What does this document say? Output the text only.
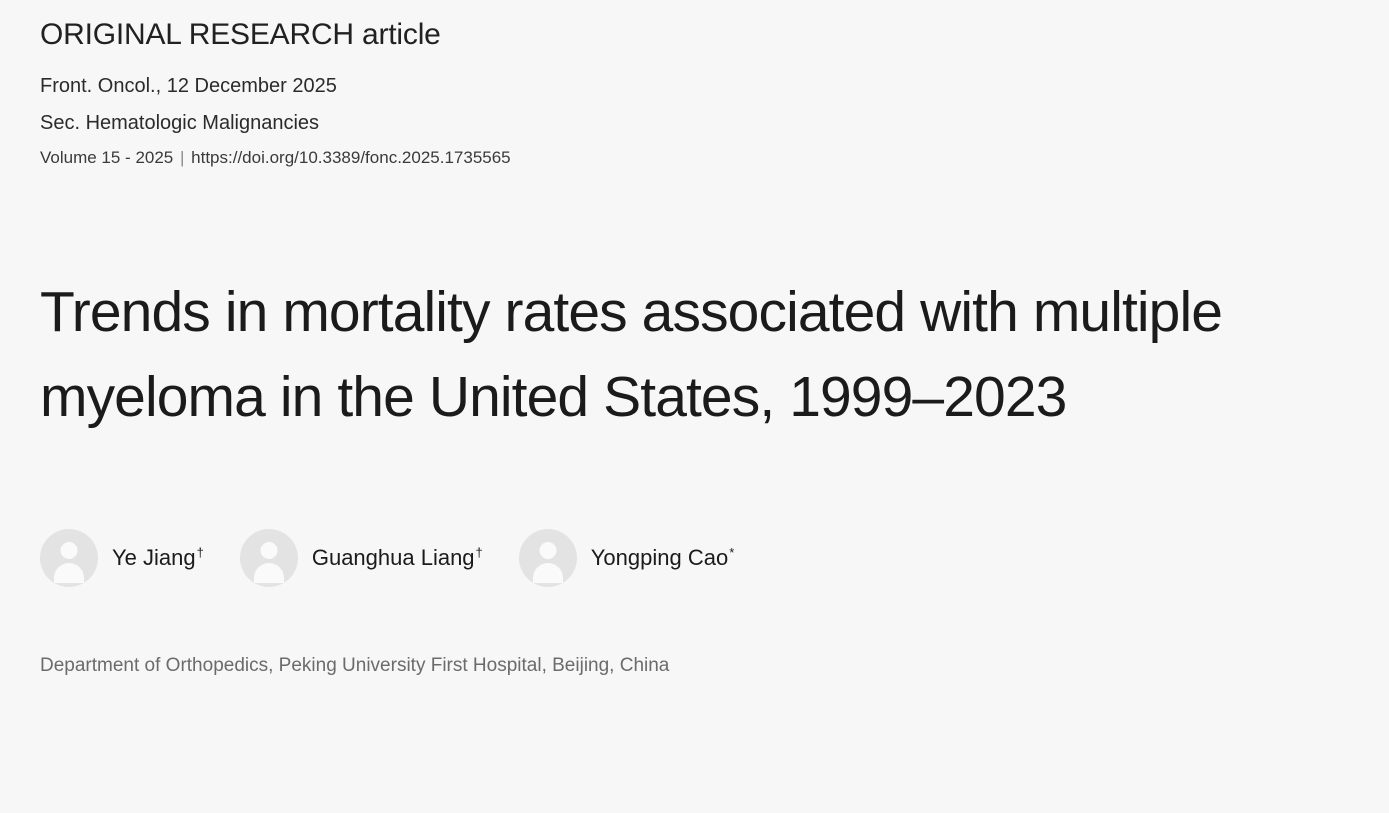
ORIGINAL RESEARCH article
Front. Oncol., 12 December 2025
Sec. Hematologic Malignancies
Volume 15 - 2025 | https://doi.org/10.3389/fonc.2025.1735565
Trends in mortality rates associated with multiple myeloma in the United States, 1999–2023
Ye Jiang†	Guanghua Liang†	Yongping Cao*
Department of Orthopedics, Peking University First Hospital, Beijing, China
